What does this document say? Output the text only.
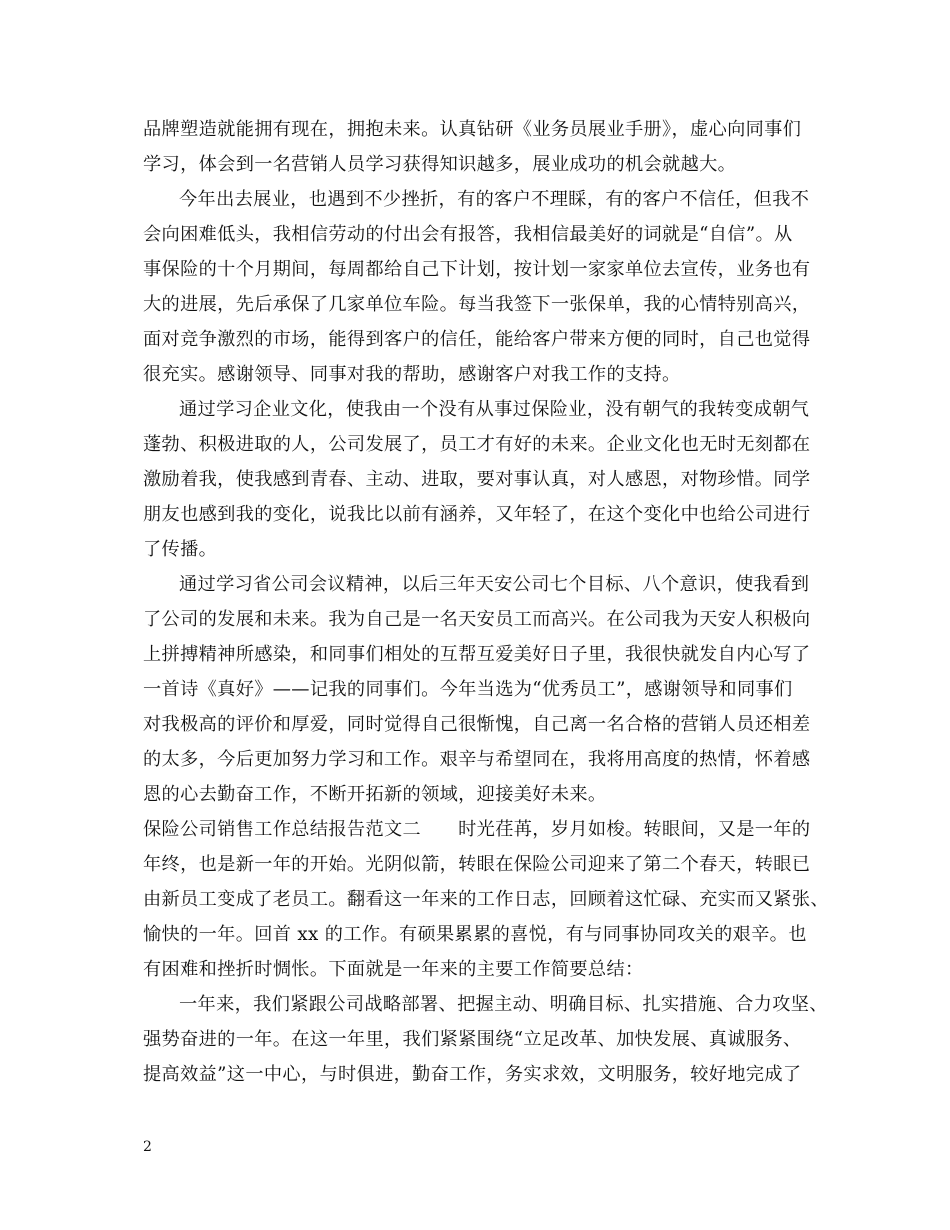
品牌塑造就能拥有现在，拥抱未来。认真钻研《业务员展业手册》，虚心向同事们
学习，体会到一名营销人员学习获得知识越多，展业成功的机会就越大。
今年出去展业，也遇到不少挫折，有的客户不理睬，有的客户不信任，但我不
会向困难低头，我相信劳动的付出会有报答，我相信最美好的词就是“自信”。从
事保险的十个月期间，每周都给自己下计划，按计划一家家单位去宣传，业务也有
大的进展，先后承保了几家单位车险。每当我签下一张保单，我的心情特别高兴，
面对竞争激烈的市场，能得到客户的信任，能给客户带来方便的同时，自己也觉得
很充实。感谢领导、同事对我的帮助，感谢客户对我工作的支持。
通过学习企业文化，使我由一个没有从事过保险业，没有朝气的我转变成朝气
蓬勃、积极进取的人，公司发展了，员工才有好的未来。企业文化也无时无刻都在
激励着我，使我感到青春、主动、进取，要对事认真，对人感恩，对物珍惜。同学
朋友也感到我的变化，说我比以前有涵养，又年轻了，在这个变化中也给公司进行
了传播。
通过学习省公司会议精神，以后三年天安公司七个目标、八个意识，使我看到
了公司的发展和未来。我为自己是一名天安员工而高兴。在公司我为天安人积极向
上拼搏精神所感染，和同事们相处的互帮互爱美好日子里，我很快就发自内心写了
一首诗《真好》——记我的同事们。今年当选为“优秀员工”，感谢领导和同事们
对我极高的评价和厚爱，同时觉得自己很惭愧，自己离一名合格的营销人员还相差
的太多，今后更加努力学习和工作。艰辛与希望同在，我将用高度的热情，怀着感
恩的心去勤奋工作，不断开拓新的领域，迎接美好未来。
保险公司销售工作总结报告范文二　　时光荏苒，岁月如梭。转眼间，又是一年的
年终，也是新一年的开始。光阴似箭，转眼在保险公司迎来了第二个春天，转眼已
由新员工变成了老员工。翻看这一年来的工作日志，回顾着这忙碌、充实而又紧张、
愉快的一年。回首 xx 的工作。有硕果累累的喜悦，有与同事协同攻关的艰辛。也
有困难和挫折时惆怅。下面就是一年来的主要工作简要总结：
一年来，我们紧跟公司战略部署、把握主动、明确目标、扎实措施、合力攻坚、
强势奋进的一年。在这一年里，我们紧紧围绕“立足改革、加快发展、真诚服务、
提高效益”这一中心，与时俱进，勤奋工作，务实求效，文明服务，较好地完成了
2
